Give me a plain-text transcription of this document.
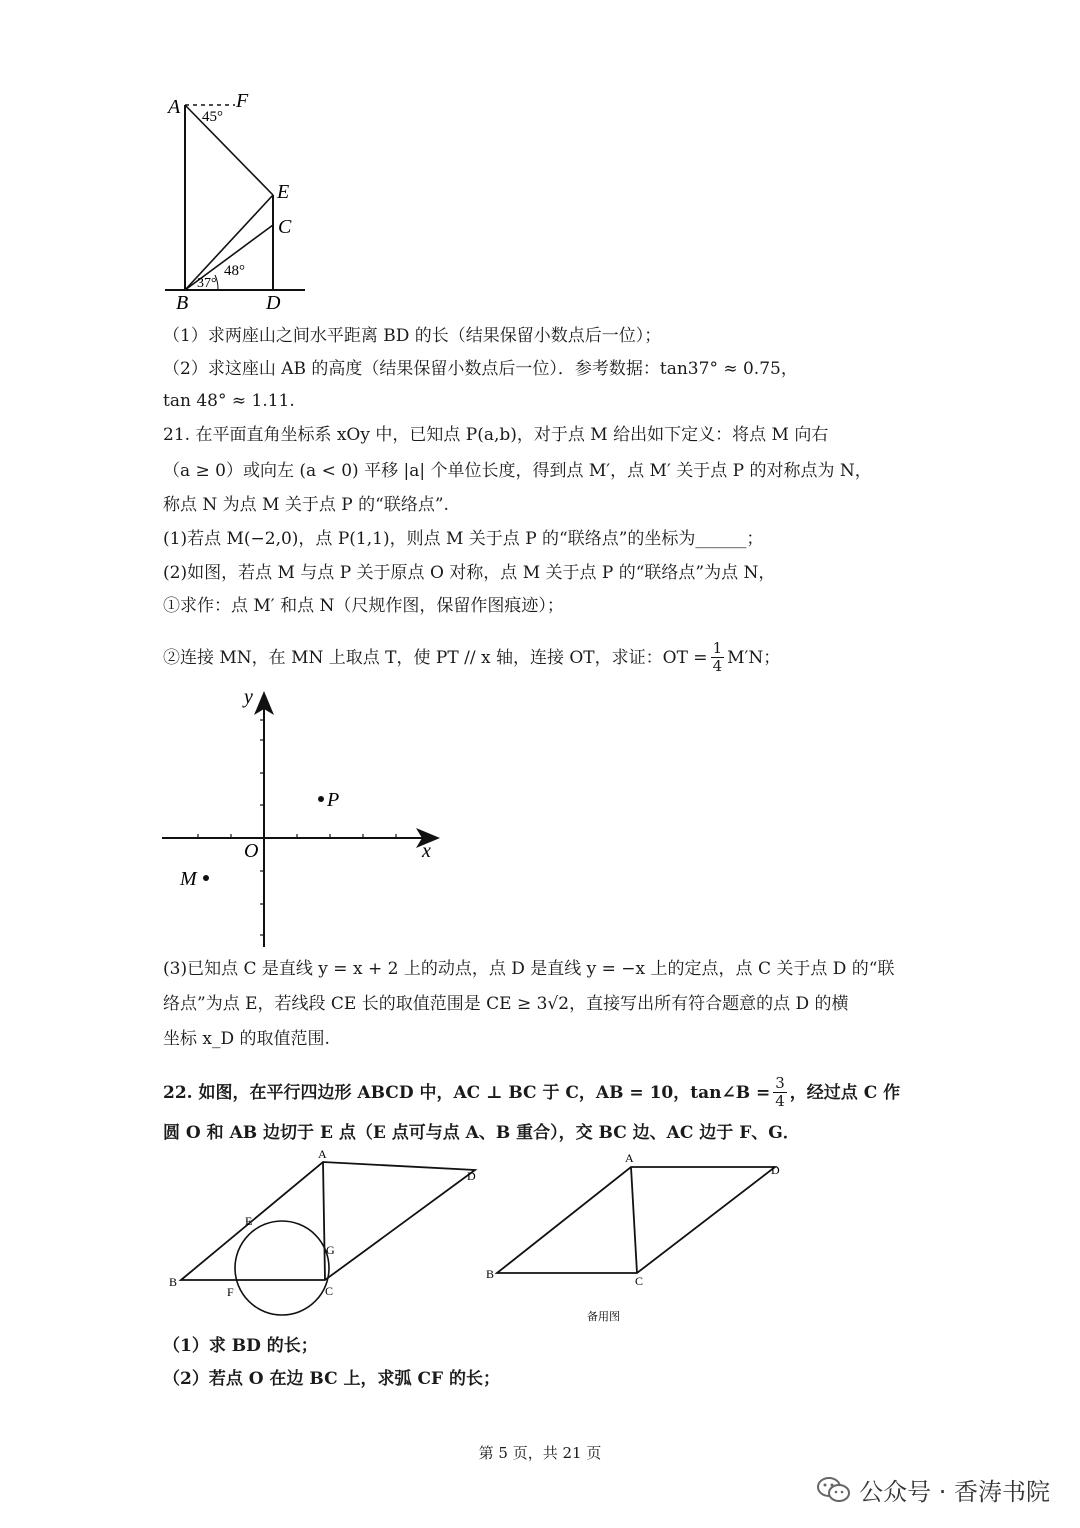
A	F
E
C
B	D
45°
48°
37°
（1）求两座山之间水平距离 BD 的长（结果保留小数点后一位）；
（2）求这座山 AB 的高度（结果保留小数点后一位）．参考数据：tan37° ≈ 0.75，
tan 48° ≈ 1.11.
21. 在平面直角坐标系 xOy 中，已知点 P(a,b)，对于点 M 给出如下定义：将点 M 向右
（a ≥ 0）或向左 (a < 0) 平移 |a| 个单位长度，得到点 M′，点 M′ 关于点 P 的对称点为 N，
称点 N 为点 M 关于点 P 的“联络点”.
(1)若点 M(−2,0)，点 P(1,1)，则点 M 关于点 P 的“联络点”的坐标为______；
(2)如图，若点 M 与点 P 关于原点 O 对称，点 M 关于点 P 的“联络点”为点 N，
①求作：点 M′ 和点 N（尺规作图，保留作图痕迹）；
②连接 MN，在 MN 上取点 T，使 PT // x 轴，连接 OT，求证：OT = $\frac{1}{4} M'N$；
y
x
O
P
M
(3)已知点 C 是直线 y = x + 2 上的动点，点 D 是直线 y = −x 上的定点，点 C 关于点 D 的“联
络点”为点 E，若线段 CE 长的取值范围是 CE ≥ 3√2，直接写出所有符合题意的点 D 的横
坐标 x_D 的取值范围.
22. 如图，在平行四边形 ABCD 中，AC ⊥ BC 于 C，AB = 10，tan∠B = $\frac{3}{4}$ ，经过点 C 作
圆 O 和 AB 边切于 E 点（E 点可与点 A、B 重合），交 BC 边、AC 边于 F、G．
A
D
B
C
E
F
G
A
D
B	C
备用图
（1）求 BD 的长；
（2）若点 O 在边 BC 上，求弧 CF 的长；
第 5 页，共 21 页
公众号 · 香涛书院
